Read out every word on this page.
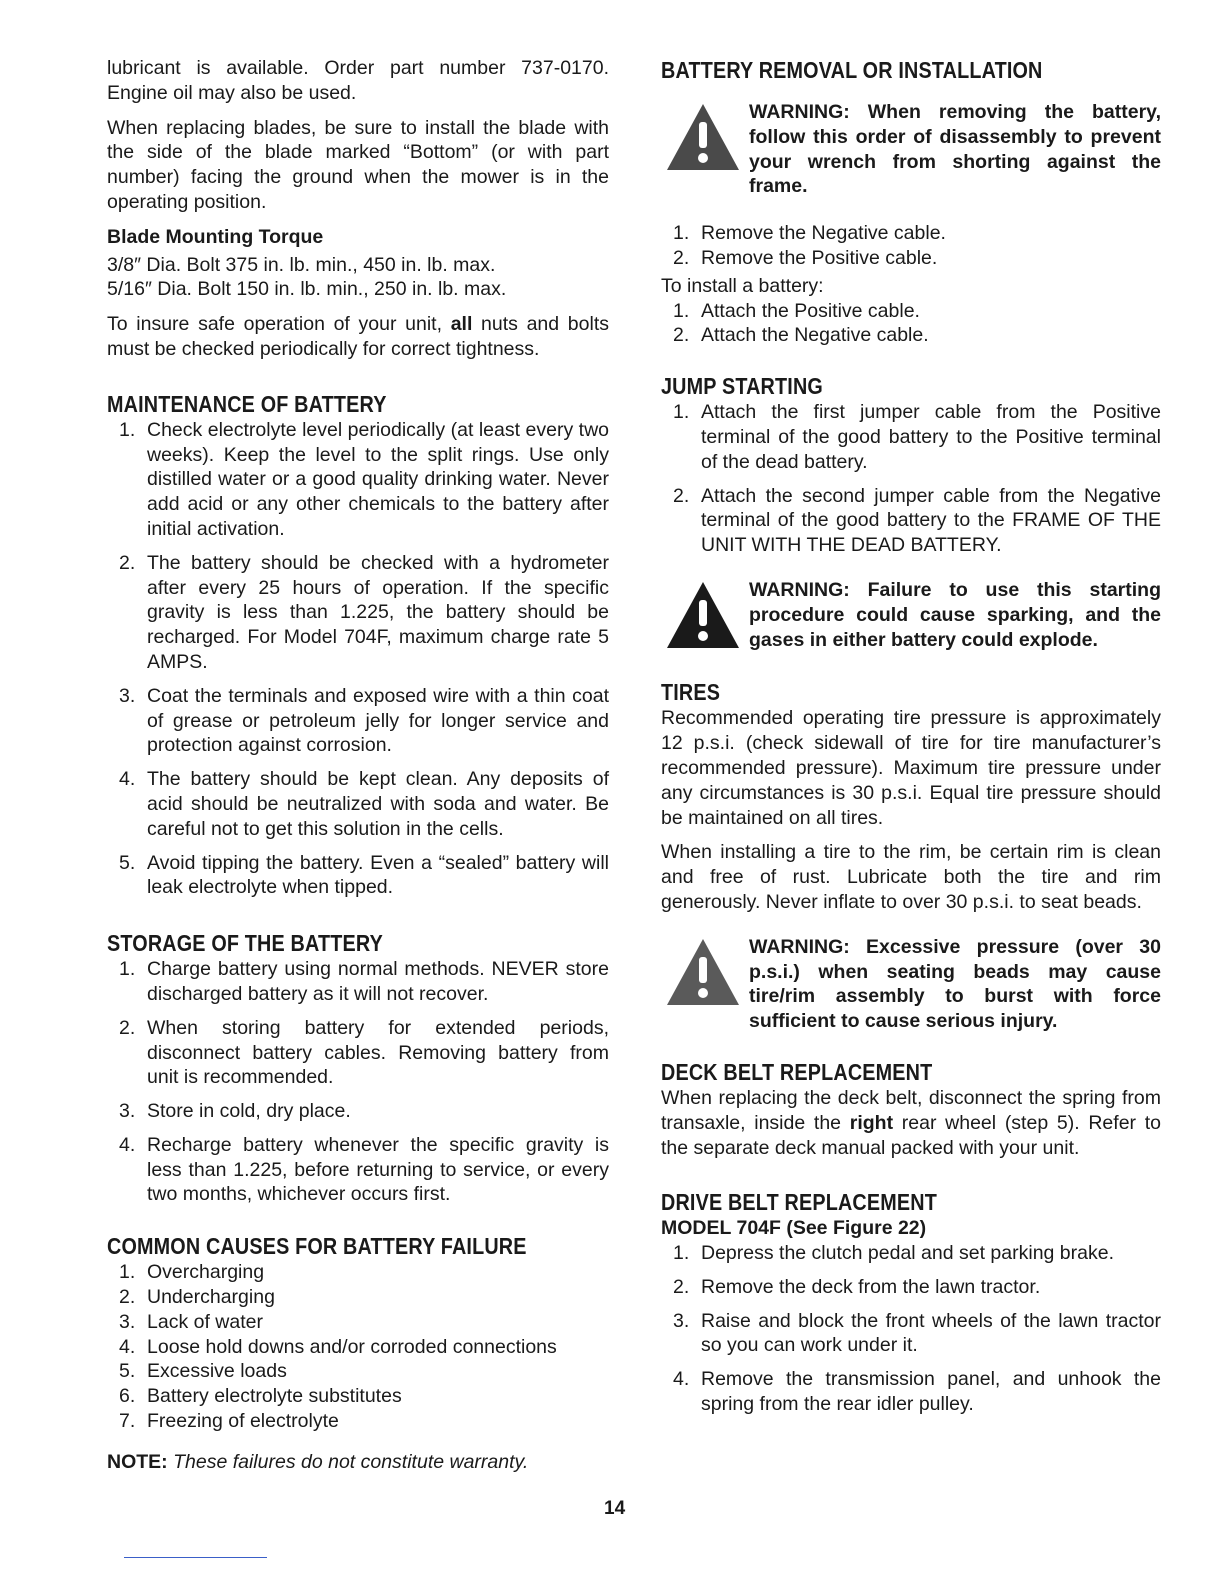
lubricant is available. Order part number 737-0170. Engine oil may also be used.

When replacing blades, be sure to install the blade with the side of the blade marked “Bottom” (or with part number) facing the ground when the mower is in the operating position.

Blade Mounting Torque
3/8″ Dia. Bolt 375 in. lb. min., 450 in. lb. max.
5/16″ Dia. Bolt 150 in. lb. min., 250 in. lb. max.

To insure safe operation of your unit, all nuts and bolts must be checked periodically for correct tightness.

MAINTENANCE OF BATTERY
1. Check electrolyte level periodically (at least every two weeks). Keep the level to the split rings. Use only distilled water or a good quality drinking water. Never add acid or any other chemicals to the battery after initial activation.
2. The battery should be checked with a hydrometer after every 25 hours of operation. If the specific gravity is less than 1.225, the battery should be recharged. For Model 704F, maximum charge rate 5 AMPS.
3. Coat the terminals and exposed wire with a thin coat of grease or petroleum jelly for longer service and protection against corrosion.
4. The battery should be kept clean. Any deposits of acid should be neutralized with soda and water. Be careful not to get this solution in the cells.
5. Avoid tipping the battery. Even a “sealed” battery will leak electrolyte when tipped.
STORAGE OF THE BATTERY
1. Charge battery using normal methods. NEVER store discharged battery as it will not recover.
2. When storing battery for extended periods, disconnect battery cables. Removing battery from unit is recommended.
3. Store in cold, dry place.
4. Recharge battery whenever the specific gravity is less than 1.225, before returning to service, or every two months, whichever occurs first.
COMMON CAUSES FOR BATTERY FAILURE
1. Overcharging
2. Undercharging
3. Lack of water
4. Loose hold downs and/or corroded connections
5. Excessive loads
6. Battery electrolyte substitutes
7. Freezing of electrolyte
NOTE: These failures do not constitute warranty.
BATTERY REMOVAL OR INSTALLATION
WARNING: When removing the battery, follow this order of disassembly to prevent your wrench from shorting against the frame.
1. Remove the Negative cable.
2. Remove the Positive cable.
To install a battery:
1. Attach the Positive cable.
2. Attach the Negative cable.
JUMP STARTING
1. Attach the first jumper cable from the Positive terminal of the good battery to the Positive terminal of the dead battery.
2. Attach the second jumper cable from the Negative terminal of the good battery to the FRAME OF THE UNIT WITH THE DEAD BATTERY.
WARNING: Failure to use this starting procedure could cause sparking, and the gases in either battery could explode.
TIRES

Recommended operating tire pressure is approximately 12 p.s.i. (check sidewall of tire for tire manufacturer’s recommended pressure). Maximum tire pressure under any circumstances is 30 p.s.i. Equal tire pressure should be maintained on all tires.

When installing a tire to the rim, be certain rim is clean and free of rust. Lubricate both the tire and rim generously. Never inflate to over 30 p.s.i. to seat beads.

WARNING: Excessive pressure (over 30 p.s.i.) when seating beads may cause tire/rim assembly to burst with force sufficient to cause serious injury.
DECK BELT REPLACEMENT

When replacing the deck belt, disconnect the spring from transaxle, inside the right rear wheel (step 5). Refer to the separate deck manual packed with your unit.

DRIVE BELT REPLACEMENT
MODEL 704F (See Figure 22)
1. Depress the clutch pedal and set parking brake.
2. Remove the deck from the lawn tractor.
3. Raise and block the front wheels of the lawn tractor so you can work under it.
4. Remove the transmission panel, and unhook the spring from the rear idler pulley.
14
